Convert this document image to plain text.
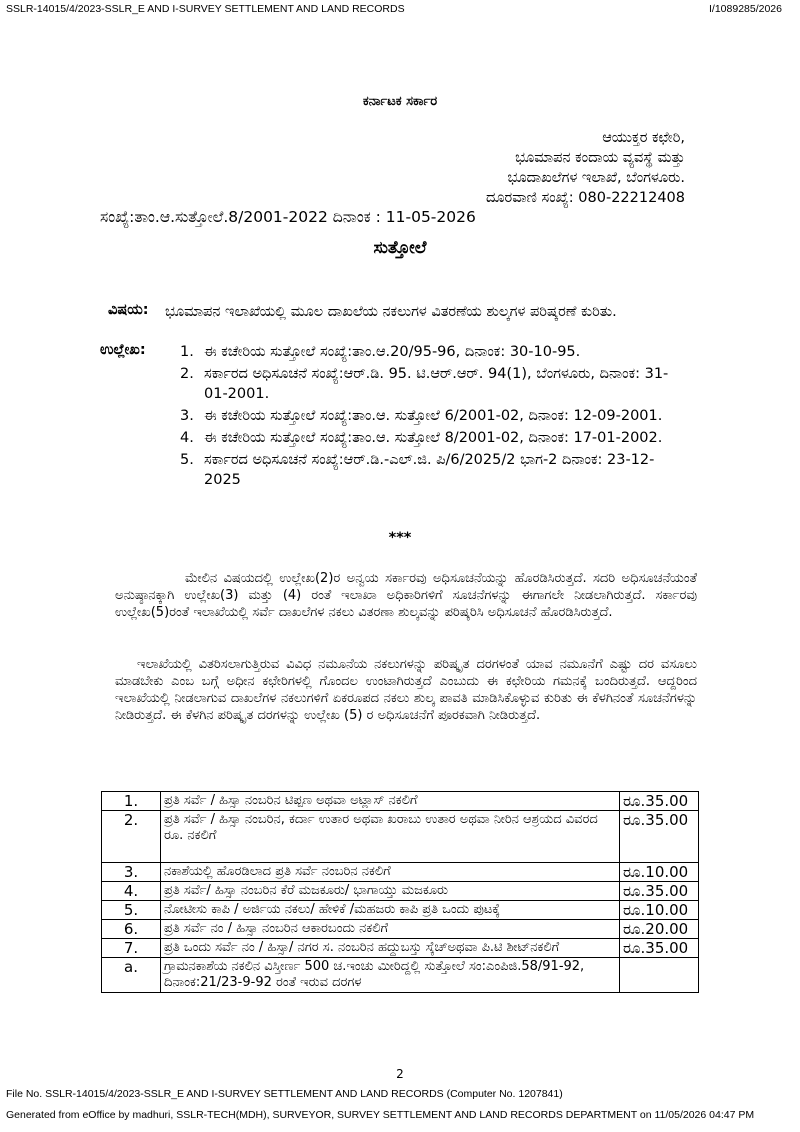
SSLR-14015/4/2023-SSLR_E AND I-SURVEY SETTLEMENT AND LAND RECORDS	I/1089285/2026
ಕರ್ನಾಟಕ ಸರ್ಕಾರ
ಆಯುಕ್ತರ ಕಛೇರಿ,
ಭೂಮಾಪನ ಕಂದಾಯ ವ್ಯವಸ್ಥೆ ಮತ್ತು
ಭೂದಾಖಲೆಗಳ ಇಲಾಖೆ, ಬೆಂಗಳೂರು.
ದೂರವಾಣಿ ಸಂಖ್ಯೆ: 080-22212408
ಸಂಖ್ಯೆ:ತಾಂ.ಆ.ಸುತ್ತೋಲೆ.8/2001-2022 ದಿನಾಂಕ : 11-05-2026
ಸುತ್ತೋಲೆ
ವಿಷಯ: ಭೂಮಾಪನ ಇಲಾಖೆಯಲ್ಲಿ ಮೂಲ ದಾಖಲೆಯ ನಕಲುಗಳ ವಿತರಣೆಯ ಶುಲ್ಕಗಳ ಪರಿಷ್ಕರಣೆ ಕುರಿತು.
ಉಲ್ಲೇಖ: 1. ಈ ಕಚೇರಿಯ ಸುತ್ತೋಲೆ ಸಂಖ್ಯೆ:ತಾಂ.ಆ.20/95-96, ದಿನಾಂಕ: 30-10-95.
2. ಸರ್ಕಾರದ ಅಧಿಸೂಚನೆ ಸಂಖ್ಯೆ:ಆರ್.ಡಿ. 95. ಟಿ.ಆರ್.ಆರ್. 94(1), ಬೆಂಗಳೂರು, ದಿನಾಂಕ: 31-01-2001.
3. ಈ ಕಚೇರಿಯ ಸುತ್ತೋಲೆ ಸಂಖ್ಯೆ:ತಾಂ.ಆ. ಸುತ್ತೋಲೆ 6/2001-02, ದಿನಾಂಕ: 12-09-2001.
4. ಈ ಕಚೇರಿಯ ಸುತ್ತೋಲೆ ಸಂಖ್ಯೆ:ತಾಂ.ಆ. ಸುತ್ತೋಲೆ 8/2001-02, ದಿನಾಂಕ: 17-01-2002.
5. ಸರ್ಕಾರದ ಅಧಿಸೂಚನೆ ಸಂಖ್ಯೆ:ಆರ್.ಡಿ.-ಎಲ್.ಜಿ. ಪಿ/6/2025/2 ಭಾಗ-2 ದಿನಾಂಕ: 23-12-2025
***
ಮೇಲಿನ ವಿಷಯದಲ್ಲಿ ಉಲ್ಲೇಖ(2)ರ ಅನ್ವಯ ಸರ್ಕಾರವು ಅಧಿಸೂಚನೆಯನ್ನು ಹೊರಡಿಸಿರುತ್ತದೆ. ಸದರಿ ಅಧಿಸೂಚನೆಯಂತೆ ಅನುಷ್ಠಾನಕ್ಕಾಗಿ ಉಲ್ಲೇಖ(3) ಮತ್ತು (4) ರಂತೆ ಇಲಾಖಾ ಅಧಿಕಾರಿಗಳಿಗೆ ಸೂಚನೆಗಳನ್ನು ಈಗಾಗಲೇ ನೀಡಲಾಗಿರುತ್ತದೆ. ಸರ್ಕಾರವು ಉಲ್ಲೇಖ(5)ರಂತೆ ಇಲಾಖೆಯಲ್ಲಿ ಸರ್ವೆ ದಾಖಲೆಗಳ ನಕಲು ವಿತರಣಾ ಶುಲ್ಕವನ್ನು ಪರಿಷ್ಕರಿಸಿ ಅಧಿಸೂಚನೆ ಹೊರಡಿಸಿರುತ್ತದೆ.
ಇಲಾಖೆಯಲ್ಲಿ ವಿತರಿಸಲಾಗುತ್ತಿರುವ ವಿವಿಧ ನಮೂನೆಯ ನಕಲುಗಳನ್ನು ಪರಿಷ್ಕೃತ ದರಗಳಂತೆ ಯಾವ ನಮೂನೆಗೆ ಎಷ್ಟು ದರ ವಸೂಲು ಮಾಡಬೇಕು ಎಂಬ ಬಗ್ಗೆ ಅಧೀನ ಕಛೇರಿಗಳಲ್ಲಿ ಗೊಂದಲ ಉಂಟಾಗಿರುತ್ತದೆ ಎಂಬುದು ಈ ಕಛೇರಿಯ ಗಮನಕ್ಕೆ ಬಂದಿರುತ್ತದೆ. ಆದ್ದರಿಂದ ಇಲಾಖೆಯಲ್ಲಿ ನೀಡಲಾಗುವ ದಾಖಲೆಗಳ ನಕಲುಗಳಿಗೆ ಏಕರೂಪದ ನಕಲು ಶುಲ್ಕ ಪಾವತಿ ಮಾಡಿಸಿಕೊಳ್ಳುವ ಕುರಿತು ಈ ಕೆಳಗಿನಂತೆ ಸೂಚನೆಗಳನ್ನು ನೀಡಿರುತ್ತದೆ. ಈ ಕೆಳಗಿನ ಪರಿಷ್ಕೃತ ದರಗಳನ್ನು ಉಲ್ಲೇಖ (5) ರ ಅಧಿಸೂಚನೆಗೆ ಪೂರಕವಾಗಿ ನೀಡಿರುತ್ತದೆ.
1.	ಪ್ರತಿ ಸರ್ವೆ / ಹಿಸ್ಸಾ ನಂಬರಿನ ಟಿಪ್ಪಣ ಅಥವಾ ಅಟ್ಲಾಸ್ ನಕಲಿಗೆ	ರೂ.35.00
2.	ಪ್ರತಿ ಸರ್ವೆ / ಹಿಸ್ಸಾ ನಂಬರಿನ, ಕರ್ದಾ ಉತಾರ ಅಥವಾ ಖರಾಬು ಉತಾರ ಅಥವಾ ನೀರಿನ ಆಶ್ರಯದ ವಿವರದ ರೂ. ನಕಲಿಗೆ	ರೂ.35.00
3.	ನಕಾಶೆಯಲ್ಲಿ ಹೊರಡಿಲಾದ ಪ್ರತಿ ಸರ್ವೆ ನಂಬರಿನ ನಕಲಿಗೆ	ರೂ.10.00
4.	ಪ್ರತಿ ಸರ್ವೆ/ ಹಿಸ್ಸಾ ನಂಬರಿನ ಕೆರೆ ಮಜಕೂರು/ ಭಾಗಾಯ್ತು ಮಜಕೂರು	ರೂ.35.00
5.	ನೋಟೀಸು ಕಾಪಿ / ಅರ್ಜಿಯ ನಕಲು/ ಹೇಳಿಕೆ /ಮಹಜರು ಕಾಪಿ ಪ್ರತಿ ಒಂದು ಪುಟಕ್ಕೆ	ರೂ.10.00
6.	ಪ್ರತಿ ಸರ್ವೆ ನಂ / ಹಿಸ್ಸಾ ನಂಬರಿನ ಆಕಾರಬಂದು ನಕಲಿಗೆ	ರೂ.20.00
7.	ಪ್ರತಿ ಒಂದು ಸರ್ವೆ ನಂ / ಹಿಸ್ಸಾ/ ನಗರ ಸ. ನಂಬರಿನ ಹದ್ದುಬಸ್ತು ಸ್ಕೆಚ್‌ಅಥವಾ ಪಿ.ಟಿ ಶೀಟ್‌ನಕಲಿಗೆ	ರೂ.35.00
a.	ಗ್ರಾಮನಕಾಶೆಯ ನಕಲಿನ ವಿಸ್ತೀರ್ಣ 500 ಚ.ಇಂಚು ಮೀರಿದ್ದಲ್ಲಿ ಸುತ್ತೋಲೆ ಸಂ:ಎಂಪಿಜಿ.58/91-92, ದಿನಾಂಕ:21/23-9-92 ರಂತೆ ಇರುವ ದರಗಳ	
2
File No. SSLR-14015/4/2023-SSLR_E AND I-SURVEY SETTLEMENT AND LAND RECORDS (Computer No. 1207841)
Generated from eOffice by madhuri, SSLR-TECH(MDH), SURVEYOR, SURVEY SETTLEMENT AND LAND RECORDS DEPARTMENT on 11/05/2026 04:47 PM
